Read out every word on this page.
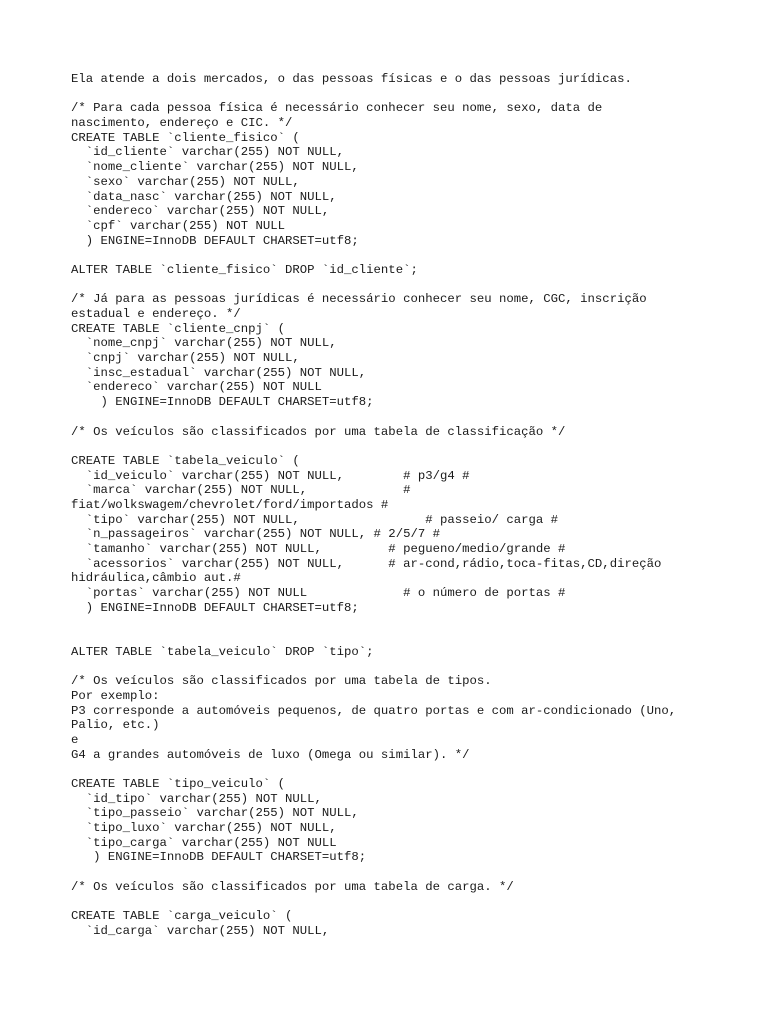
Ela atende a dois mercados, o das pessoas físicas e o das pessoas jurídicas.
/* Para cada pessoa física é necessário conhecer seu nome, sexo, data de
nascimento, endereço e CIC. */
CREATE TABLE `cliente_fisico` (
`id_cliente` varchar(255) NOT NULL,
`nome_cliente` varchar(255) NOT NULL,
`sexo` varchar(255) NOT NULL,
`data_nasc` varchar(255) NOT NULL,
`endereco` varchar(255) NOT NULL,
`cpf` varchar(255) NOT NULL
) ENGINE=InnoDB DEFAULT CHARSET=utf8;
ALTER TABLE `cliente_fisico` DROP `id_cliente`;
/* Já para as pessoas jurídicas é necessário conhecer seu nome, CGC, inscrição
estadual e endereço. */
CREATE TABLE `cliente_cnpj` (
`nome_cnpj` varchar(255) NOT NULL,
`cnpj` varchar(255) NOT NULL,
`insc_estadual` varchar(255) NOT NULL,
`endereco` varchar(255) NOT NULL
) ENGINE=InnoDB DEFAULT CHARSET=utf8;
/* Os veículos são classificados por uma tabela de classificação */
CREATE TABLE `tabela_veiculo` (
`id_veiculo` varchar(255) NOT NULL,        # p3/g4 #
`marca` varchar(255) NOT NULL,             #
fiat/wolkswagem/chevrolet/ford/importados #
`tipo` varchar(255) NOT NULL,                 # passeio/ carga #
`n_passageiros` varchar(255) NOT NULL, # 2/5/7 #
`tamanho` varchar(255) NOT NULL,         # pegueno/medio/grande #
`acessorios` varchar(255) NOT NULL,      # ar-cond,rádio,toca-fitas,CD,direção
hidráulica,câmbio aut.#
`portas` varchar(255) NOT NULL             # o número de portas #
) ENGINE=InnoDB DEFAULT CHARSET=utf8;
ALTER TABLE `tabela_veiculo` DROP `tipo`;
/* Os veículos são classificados por uma tabela de tipos.
Por exemplo:
P3 corresponde a automóveis pequenos, de quatro portas e com ar-condicionado (Uno,
Palio, etc.)
e
G4 a grandes automóveis de luxo (Omega ou similar). */
CREATE TABLE `tipo_veiculo` (
`id_tipo` varchar(255) NOT NULL,
`tipo_passeio` varchar(255) NOT NULL,
`tipo_luxo` varchar(255) NOT NULL,
`tipo_carga` varchar(255) NOT NULL
) ENGINE=InnoDB DEFAULT CHARSET=utf8;
/* Os veículos são classificados por uma tabela de carga. */
CREATE TABLE `carga_veiculo` (
`id_carga` varchar(255) NOT NULL,
